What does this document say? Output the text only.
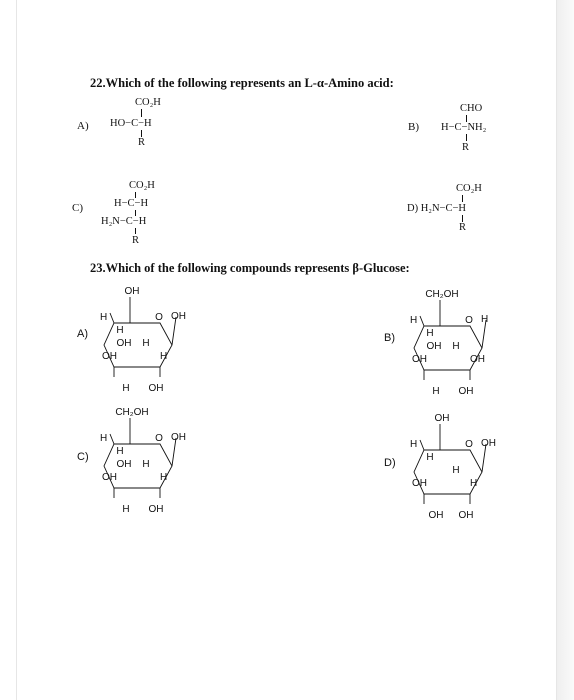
22.Which of the following represents an L-α-Amino acid:
A)
CO₂H
HO−C−H
R
B)
CHO
H−C−NH₂
R
C)
CO₂H
H−C−H
H₂N−C−H
R
CO₂H
D) H₂N−C−H
R
23.Which of the following compounds represents β-Glucose:
A)	B)
C)	D)
OH
H	O OH
H
OH H
OH	H
H OH
CH₂OH
H	O H
H
OH H
OH	OH
H OH
CH₂OH
H	O OH
H
OH H
OH	H
H OH
OH
H	O OH
H
H
OH	H
OH OH
